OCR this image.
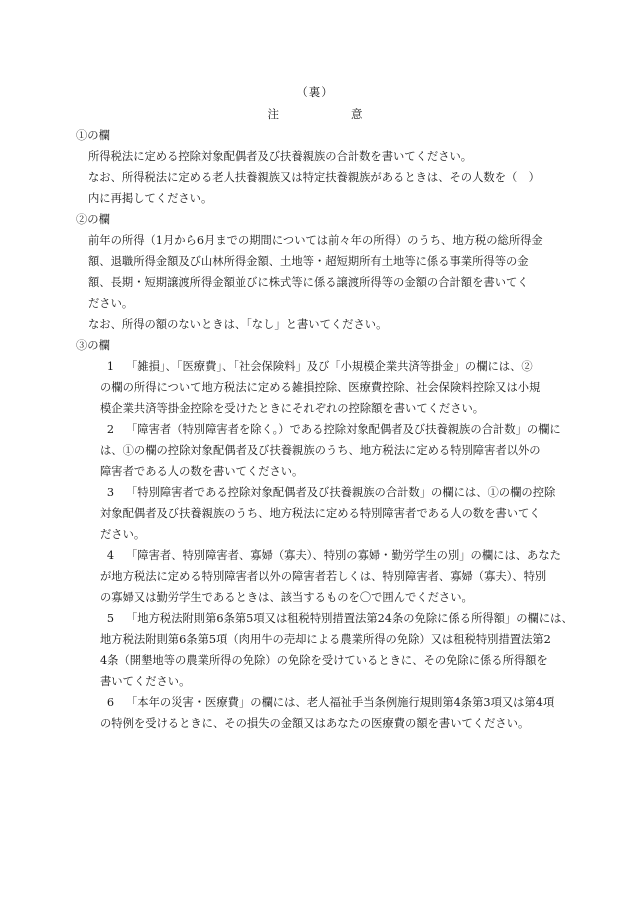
（裏）
注	意
①の欄
所得税法に定める控除対象配偶者及び扶養親族の合計数を書いてください。
なお、所得税法に定める老人扶養親族又は特定扶養親族があるときは、その人数を（　）
内に再掲してください。
②の欄
前年の所得（1月から6月までの期間については前々年の所得）のうち、地方税の総所得金
額、退職所得金額及び山林所得金額、土地等・超短期所有土地等に係る事業所得等の金
額、長期・短期譲渡所得金額並びに株式等に係る譲渡所得等の金額の合計額を書いてく
ださい。
なお、所得の額のないときは、「なし」と書いてください。
③の欄
1 「雑損」、「医療費」、「社会保険料」及び「小規模企業共済等掛金」の欄には、②
の欄の所得について地方税法に定める雑損控除、医療費控除、社会保険料控除又は小規
模企業共済等掛金控除を受けたときにそれぞれの控除額を書いてください。
2 「障害者（特別障害者を除く。）である控除対象配偶者及び扶養親族の合計数」の欄に
は、①の欄の控除対象配偶者及び扶養親族のうち、地方税法に定める特別障害者以外の
障害者である人の数を書いてください。
3 「特別障害者である控除対象配偶者及び扶養親族の合計数」の欄には、①の欄の控除
対象配偶者及び扶養親族のうち、地方税法に定める特別障害者である人の数を書いてく
ださい。
4 「障害者、特別障害者、寡婦（寡夫）、特別の寡婦・勤労学生の別」の欄には、あなた
が地方税法に定める特別障害者以外の障害者若しくは、特別障害者、寡婦（寡夫）、特別
の寡婦又は勤労学生であるときは、該当するものを〇で囲んでください。
5 「地方税法附則第6条第5項又は租税特別措置法第24条の免除に係る所得額」の欄には、
地方税法附則第6条第5項（肉用牛の売却による農業所得の免除）又は租税特別措置法第2
4条（開墾地等の農業所得の免除）の免除を受けているときに、その免除に係る所得額を
書いてください。
6 「本年の災害・医療費」の欄には、老人福祉手当条例施行規則第4条第3項又は第4項
の特例を受けるときに、その損失の金額又はあなたの医療費の額を書いてください。
